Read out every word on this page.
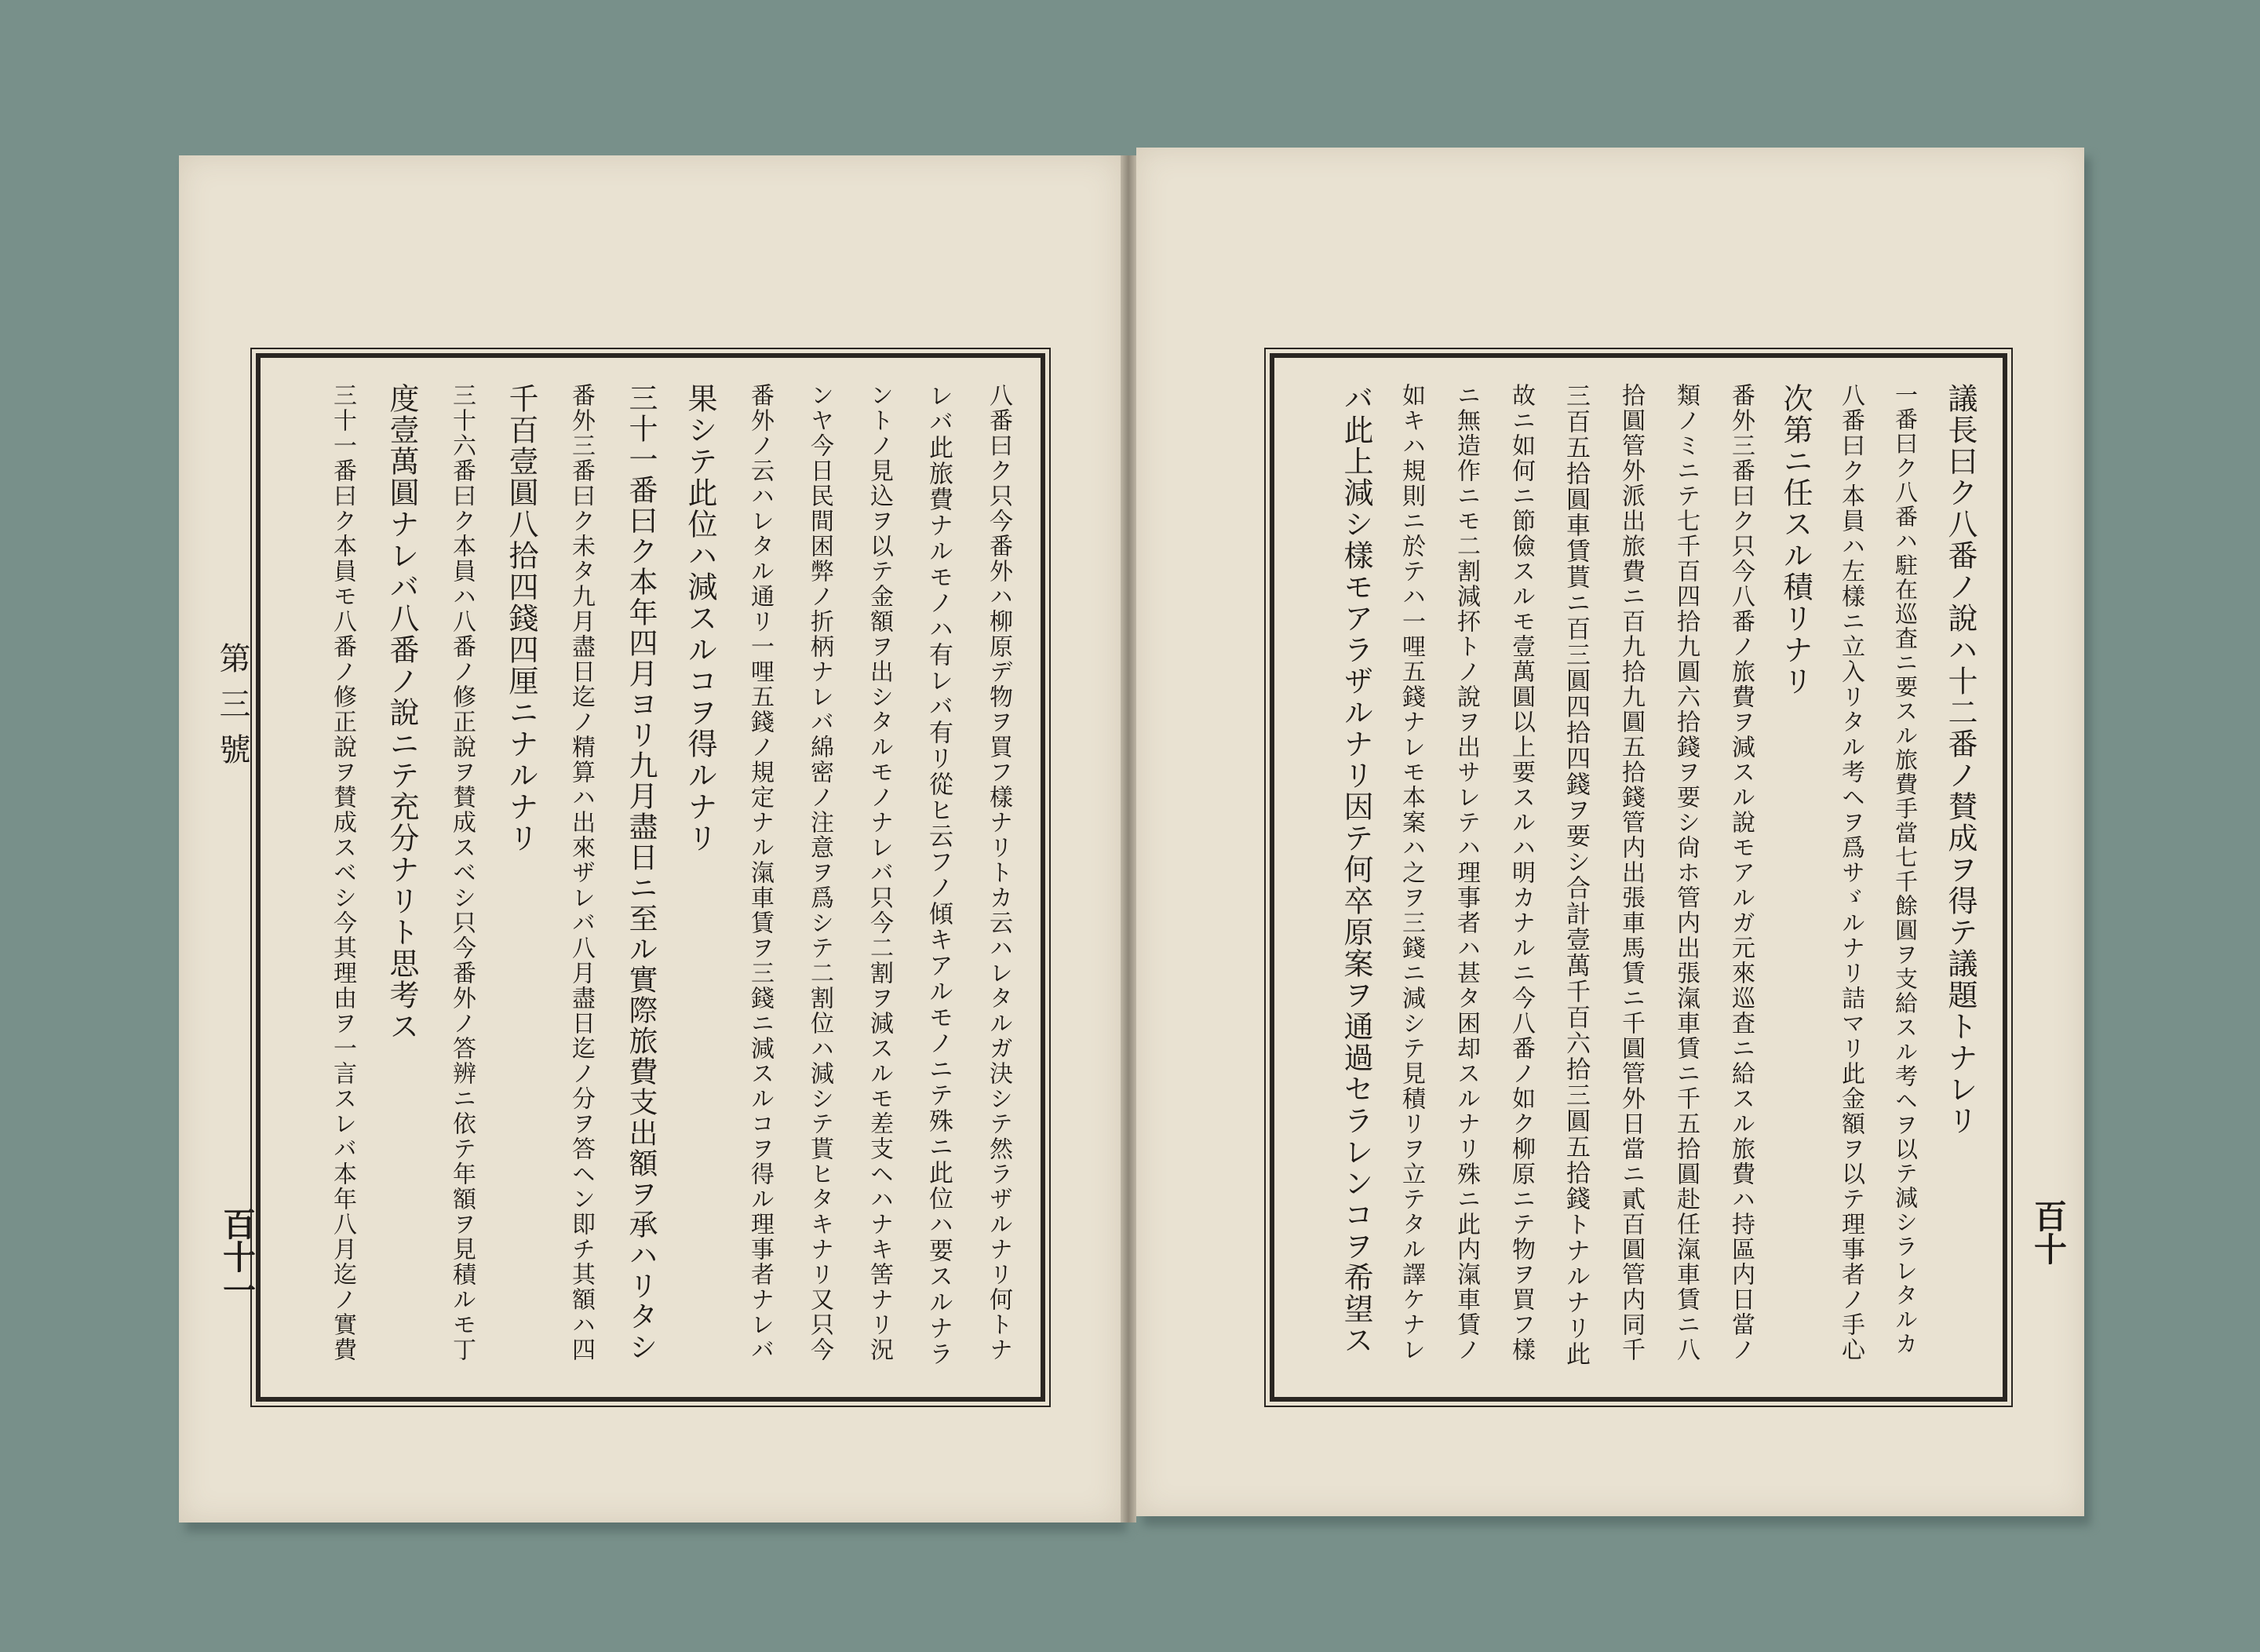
第三號
百十一	八番曰ク只今番外ハ柳原デ物ヲ買フ樣ナリトカ云ハレタルガ決シテ然ラザルナリ何トナ
レバ此旅費ナルモノハ有レバ有リ從ヒ云フノ傾キアルモノニテ殊ニ此位ハ要スルナラ
ントノ見込ヲ以テ金額ヲ出シタルモノナレバ只今二割ヲ減スルモ差支ヘハナキ筈ナリ況
ンヤ今日民間困弊ノ折柄ナレバ綿密ノ注意ヲ爲シテ二割位ハ減シテ貰ヒタキナリ又只今
番外ノ云ハレタル通リ一哩五錢ノ規定ナル滊車賃ヲ三錢ニ減スルコヲ得ル理事者ナレバ
果シテ此位ハ減スルコヲ得ルナリ
三十一番曰ク本年四月ヨリ九月盡日ニ至ル實際旅費支出額ヲ承ハリタシ
番外三番曰ク未タ九月盡日迄ノ精算ハ出來ザレバ八月盡日迄ノ分ヲ答ヘン即チ其額ハ四
千百壹圓八拾四錢四厘ニナルナリ
三十六番曰ク本員ハ八番ノ修正說ヲ賛成スベシ只今番外ノ答辨ニ依テ年額ヲ見積ルモ丁
度壹萬圓ナレバ八番ノ說ニテ充分ナリト思考ス
三十一番曰ク本員モ八番ノ修正說ヲ賛成スベシ今其理由ヲ一言スレバ本年八月迄ノ實費	百十
議長曰ク八番ノ說ハ十二番ノ賛成ヲ得テ議題トナレリ
一番曰ク八番ハ駐在巡査ニ要スル旅費手當七千餘圓ヲ支給スル考ヘヲ以テ減シラレタルカ
八番曰ク本員ハ左樣ニ立入リタル考ヘヲ爲サゞルナリ詰マリ此金額ヲ以テ理事者ノ手心
次第ニ任スル積リナリ
番外三番曰ク只今八番ノ旅費ヲ減スル說モアルガ元來巡査ニ給スル旅費ハ持區内日當ノ
類ノミニテ七千百四拾九圓六拾錢ヲ要シ尙ホ管内出張滊車賃ニ千五拾圓赴任滊車賃ニ八
拾圓管外派出旅費ニ百九拾九圓五拾錢管内出張車馬賃ニ千圓管外日當ニ貳百圓管内同千
三百五拾圓車賃貰ニ百三圓四拾四錢ヲ要シ合計壹萬千百六拾三圓五拾錢トナルナリ此
故ニ如何ニ節儉スルモ壹萬圓以上要スルハ明カナルニ今八番ノ如ク柳原ニテ物ヲ買フ樣
ニ無造作ニモ二割減抔トノ說ヲ出サレテハ理事者ハ甚タ困却スルナリ殊ニ此内滊車賃ノ
如キハ規則ニ於テハ一哩五錢ナレモ本案ハ之ヲ三錢ニ減シテ見積リヲ立テタル譯ケナレ
バ此上減シ樣モアラザルナリ因テ何卒原案ヲ通過セラレンコヲ希望ス
